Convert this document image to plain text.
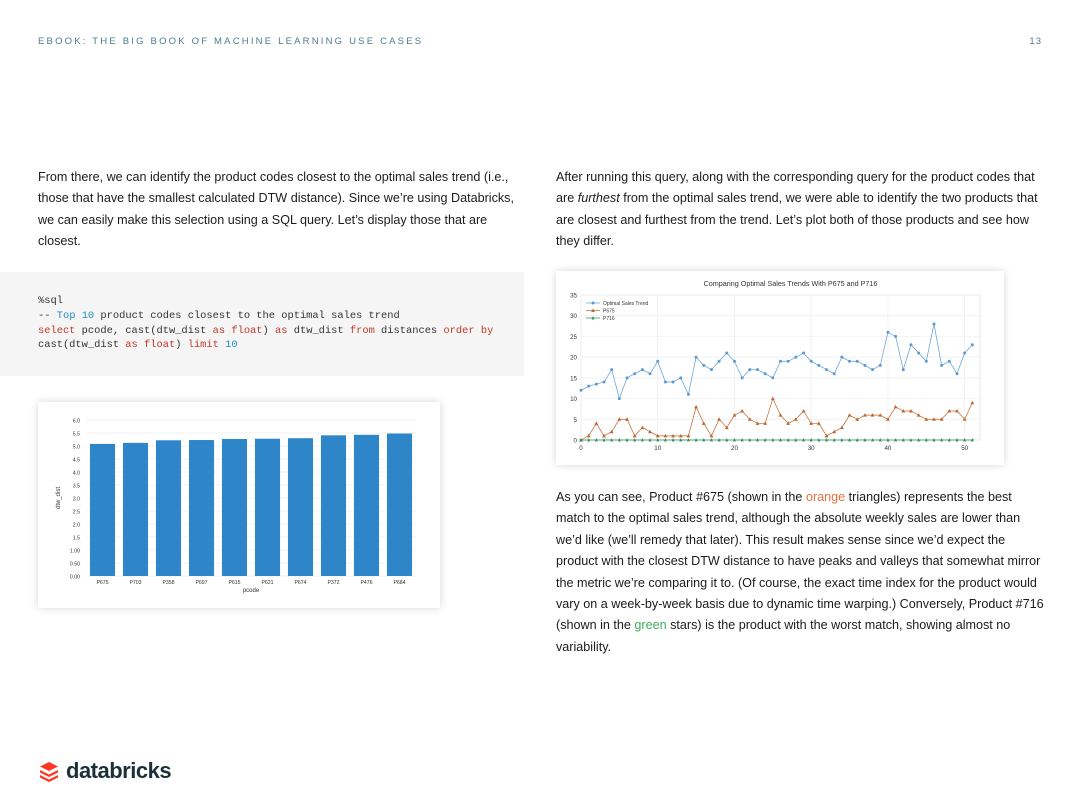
EBOOK: THE BIG BOOK OF MACHINE LEARNING USE CASES	13
From there, we can identify the product codes closest to the optimal sales trend (i.e., those that have the smallest calculated DTW distance). Since we’re using Databricks, we can easily make this selection using a SQL query. Let’s display those that are closest.
%sql
-- Top 10 product codes closest to the optimal sales trend
select pcode, cast(dtw_dist as float) as dtw_dist from distances order by
cast(dtw_dist as float) limit 10
0.00
0.50
1.00
1.5
2.0
2.5
3.0
3.5
4.0
4.5
5.0
5.5
6.0
P675	P703	P358	P697	P615	P621	P674	P372	P476	P684
pcode
dtw_dist
After running this query, along with the corresponding query for the product codes that are furthest from the optimal sales trend, we were able to identify the two products that are closest and furthest from the trend. Let’s plot both of those products and see how they differ.
0
5
10
15
20
25
30
35
0	10	20	30	40	50
Comparing Optimal Sales Trends With P675 and P716
Optimal Sales Trend
P675
P716
As you can see, Product #675 (shown in the orange triangles) represents the best match to the optimal sales trend, although the absolute weekly sales are lower than we’d like (we’ll remedy that later). This result makes sense since we’d expect the product with the closest DTW distance to have peaks and valleys that somewhat mirror the metric we’re comparing it to. (Of course, the exact time index for the product would vary on a week-by-week basis due to dynamic time warping.) Conversely, Product #716 (shown in the green stars) is the product with the worst match, showing almost no variability.
databricks
